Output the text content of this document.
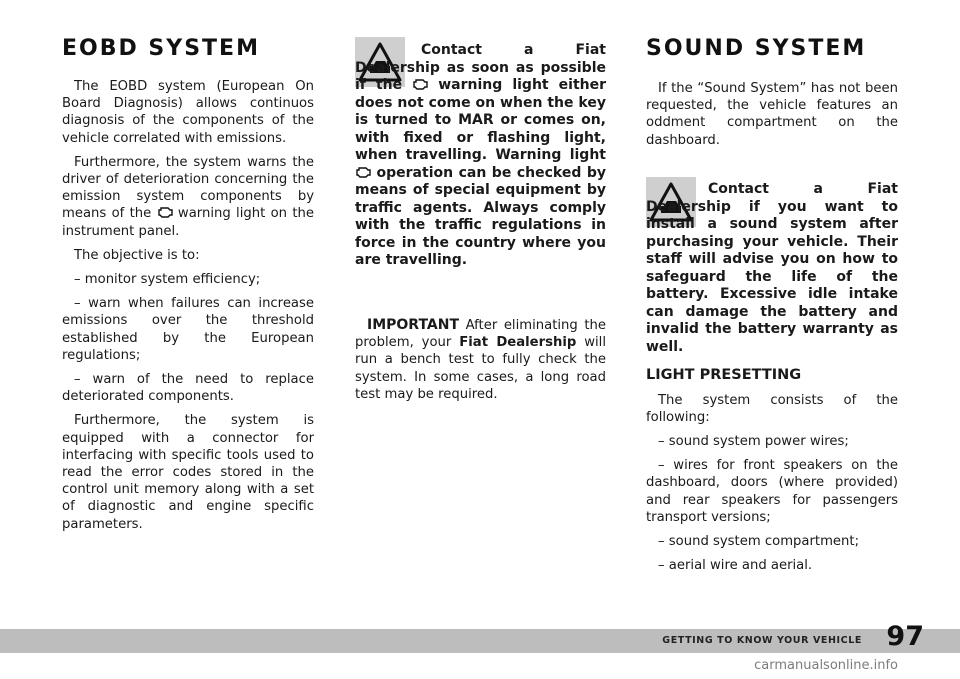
EOBD SYSTEM

The EOBD system (European On Board Diagnosis) allows continuos diagnosis of the components of the vehicle correlated with emissions.

Furthermore, the system warns the driver of deterioration concerning the emission system components by means of the warning light on the instrument panel.

The objective is to:

– monitor system efficiency;

– warn when failures can increase emissions over the threshold established by the European regulations;

– warn of the need to replace deteriorated components.

Furthermore, the system is equipped with a connector for interfacing with specific tools used to read the error codes stored in the control unit memory along with a set of diagnostic and engine specific parameters.

Contact a Fiat Dealership as soon as possible if the	warning light either does not come on when the key is turned to MAR or comes on, with fixed or flashing light, when travelling. Warning light  operation can be checked by means of special equipment by traffic agents. Always comply with the traffic regulations in force in the country where you are travelling.

IMPORTANT After eliminating the problem, your Fiat Dealership will run a bench test to fully check the system. In some cases, a long road test may be required.

SOUND SYSTEM

If the “Sound System” has not been requested, the vehicle features an oddment compartment on the dashboard.

Contact a Fiat Dealership if you want to install a sound system after purchasing your vehicle. Their staff will advise you on how to safeguard the life of the battery. Excessive idle intake can damage the battery and invalid the battery warranty as well.

LIGHT PRESETTING

The system consists of the following:

– sound system power wires;

– wires for front speakers on the dashboard, doors (where provided) and rear speakers for passengers transport versions;

– sound system compartment;

– aerial wire and aerial.

GETTING TO KNOW YOUR VEHICLE 97
carmanualsonline.info
